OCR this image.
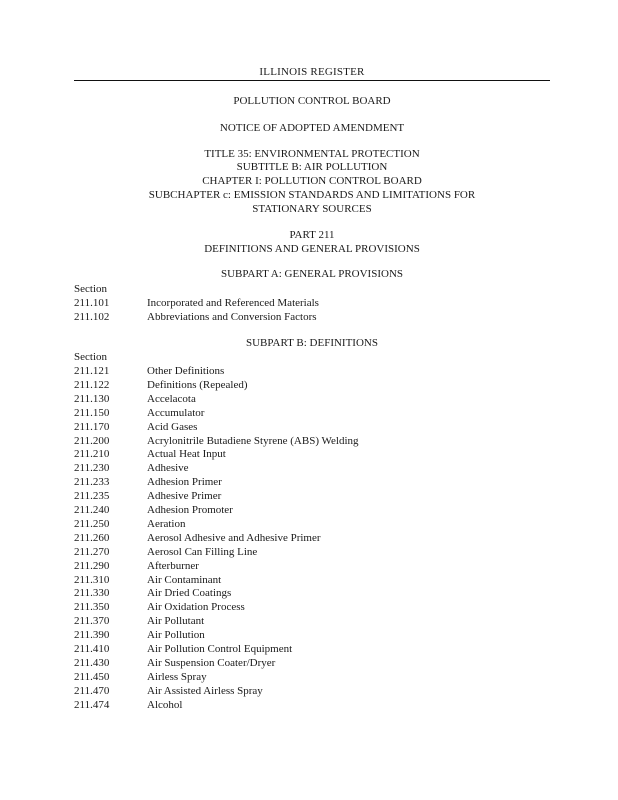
ILLINOIS REGISTER
POLLUTION CONTROL BOARD
NOTICE OF ADOPTED AMENDMENT
TITLE 35: ENVIRONMENTAL PROTECTION
SUBTITLE B: AIR POLLUTION
CHAPTER I: POLLUTION CONTROL BOARD
SUBCHAPTER c: EMISSION STANDARDS AND LIMITATIONS FOR
STATIONARY SOURCES
PART 211
DEFINITIONS AND GENERAL PROVISIONS
SUBPART A: GENERAL PROVISIONS
Section
211.101	Incorporated and Referenced Materials
211.102	Abbreviations and Conversion Factors
SUBPART B: DEFINITIONS
Section
211.121	Other Definitions
211.122	Definitions (Repealed)
211.130	Accelacota
211.150	Accumulator
211.170	Acid Gases
211.200	Acrylonitrile Butadiene Styrene (ABS) Welding
211.210	Actual Heat Input
211.230	Adhesive
211.233	Adhesion Primer
211.235	Adhesive Primer
211.240	Adhesion Promoter
211.250	Aeration
211.260	Aerosol Adhesive and Adhesive Primer
211.270	Aerosol Can Filling Line
211.290	Afterburner
211.310	Air Contaminant
211.330	Air Dried Coatings
211.350	Air Oxidation Process
211.370	Air Pollutant
211.390	Air Pollution
211.410	Air Pollution Control Equipment
211.430	Air Suspension Coater/Dryer
211.450	Airless Spray
211.470	Air Assisted Airless Spray
211.474	Alcohol
